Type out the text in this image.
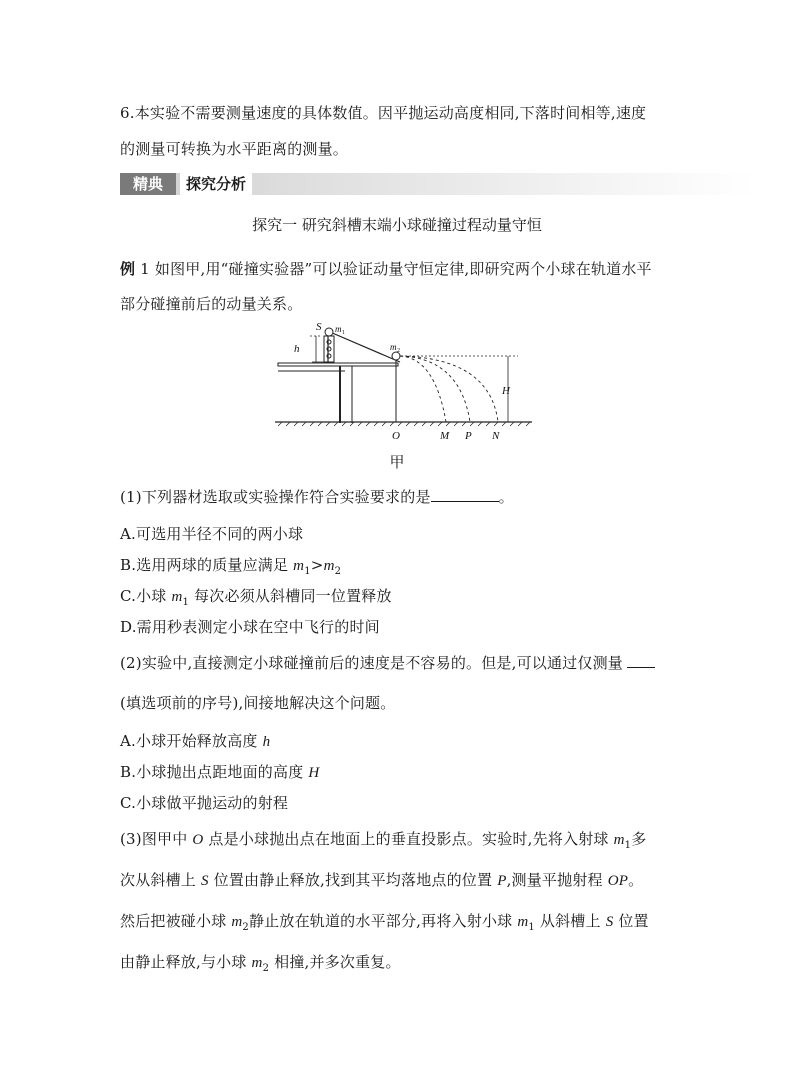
6.本实验不需要测量速度的具体数值。因平抛运动高度相同,下落时间相等,速度
的测量可转换为水平距离的测量。
精典	探究分析
探究一 研究斜槽末端小球碰撞过程动量守恒
例 1 如图甲,用“碰撞实验器”可以验证动量守恒定律,即研究两个小球在轨道水平
部分碰撞前后的动量关系。
S m 1
m 2
h
H
O	M P N
甲
(1)下列器材选取或实验操作符合实验要求的是	。
A.可选用半径不同的两小球
B.选用两球的质量应满足 $m_1>m_2$
C.小球 $m_1$ 每次必须从斜槽同一位置释放
D.需用秒表测定小球在空中飞行的时间
(2)实验中,直接测定小球碰撞前后的速度是不容易的。但是,可以通过仅测量
(填选项前的序号),间接地解决这个问题。
A.小球开始释放高度 h
B.小球抛出点距地面的高度 H
C.小球做平抛运动的射程
(3)图甲中 O 点是小球抛出点在地面上的垂直投影点。实验时,先将入射球 $m_1$多
次从斜槽上 S 位置由静止释放,找到其平均落地点的位置 P,测量平抛射程 OP。
然后把被碰小球 $m_2$静止放在轨道的水平部分,再将入射小球 $m_1$ 从斜槽上 S 位置
由静止释放,与小球 $m_2$ 相撞,并多次重复。
